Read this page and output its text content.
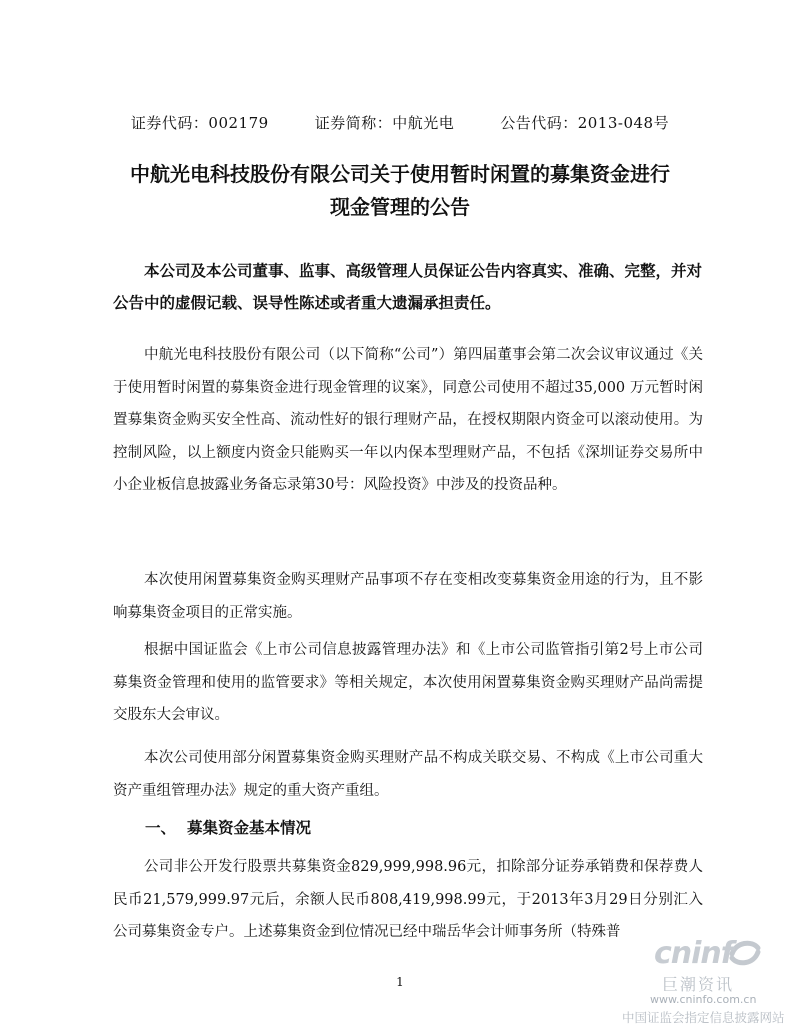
证券代码：002179	证券简称：中航光电	公告代码：2013-048号
中航光电科技股份有限公司关于使用暂时闲置的募集资金进行
现金管理的公告
本公司及本公司董事、监事、高级管理人员保证公告内容真实、准确、完整，并对公告中的虚假记载、误导性陈述或者重大遗漏承担责任。
中航光电科技股份有限公司（以下简称“公司”）第四届董事会第二次会议审议通过《关于使用暂时闲置的募集资金进行现金管理的议案》，同意公司使用不超过35,000 万元暂时闲置募集资金购买安全性高、流动性好的银行理财产品，在授权期限内资金可以滚动使用。为控制风险，以上额度内资金只能购买一年以内保本型理财产品，不包括《深圳证券交易所中小企业板信息披露业务备忘录第30号：风险投资》中涉及的投资品种。
本次使用闲置募集资金购买理财产品事项不存在变相改变募集资金用途的行为，且不影响募集资金项目的正常实施。
根据中国证监会《上市公司信息披露管理办法》和《上市公司监管指引第2号上市公司募集资金管理和使用的监管要求》等相关规定，本次使用闲置募集资金购买理财产品尚需提交股东大会审议。
本次公司使用部分闲置募集资金购买理财产品不构成关联交易、不构成《上市公司重大资产重组管理办法》规定的重大资产重组。
一、 募集资金基本情况
公司非公开发行股票共募集资金829,999,998.96元，扣除部分证券承销费和保荐费人民币21,579,999.97元后，余额人民币808,419,998.99元，于2013年3月29日分别汇入公司募集资金专户。上述募集资金到位情况已经中瑞岳华会计师事务所（特殊普
1
cninf
巨潮资讯
www.cninfo.com.cn
中国证监会指定信息披露网站
